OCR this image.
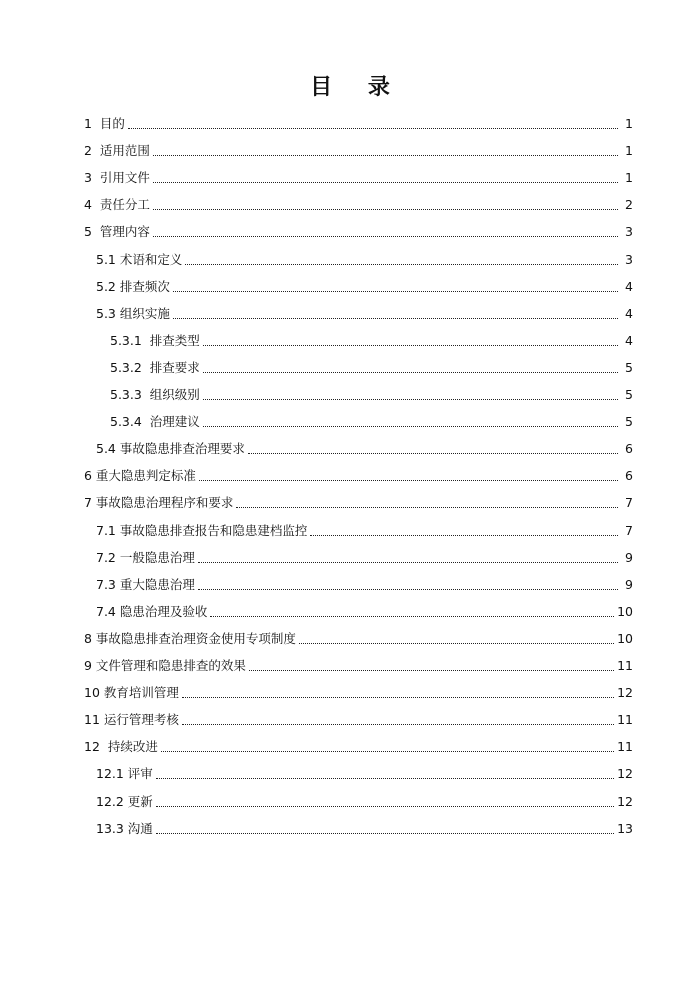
目 录
1  目的	1
2  适用范围	1
3  引用文件	1
4  责任分工	2
5  管理内容	3
5.1 术语和定义	3
5.2 排查频次	4
5.3 组织实施	4
5.3.1  排查类型	4
5.3.2  排查要求	5
5.3.3  组织级别	5
5.3.4  治理建议	5
5.4 事故隐患排查治理要求	6
6 重大隐患判定标准	6
7 事故隐患治理程序和要求	7
7.1 事故隐患排查报告和隐患建档监控	7
7.2 一般隐患治理	9
7.3 重大隐患治理	9
7.4 隐患治理及验收	10
8 事故隐患排查治理资金使用专项制度	10
9 文件管理和隐患排查的效果	11
10 教育培训管理	12
11 运行管理考核	11
12  持续改进	11
12.1 评审	12
12.2 更新	12
13.3 沟通	13
